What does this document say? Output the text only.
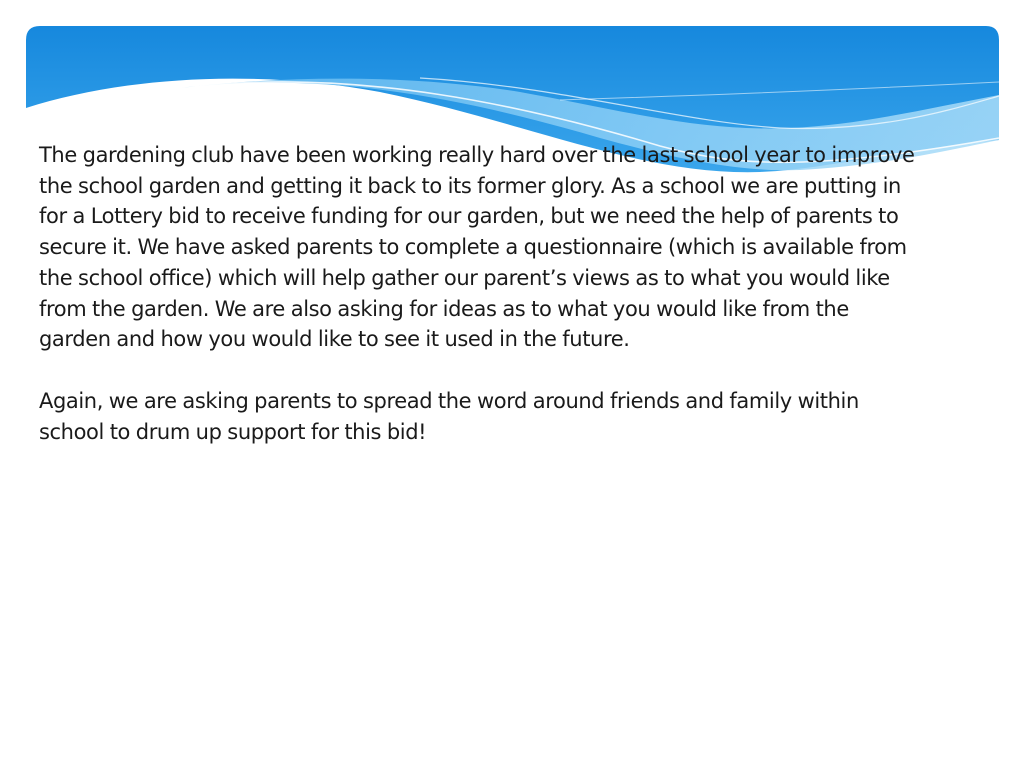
The gardening club have been working really hard over the last school year to improve
the school garden and getting it back to its former glory. As a school we are putting in
for a Lottery bid to receive funding for our garden, but we need the help of parents to
secure it. We have asked parents to complete a questionnaire (which is available from
the school office) which will help gather our parent’s views as to what you would like
from the garden. We are also asking for ideas as to what you would like from the
garden and how you would like to see it used in the future.

Again, we are asking parents to spread the word around friends and family within
school to drum up support for this bid!
